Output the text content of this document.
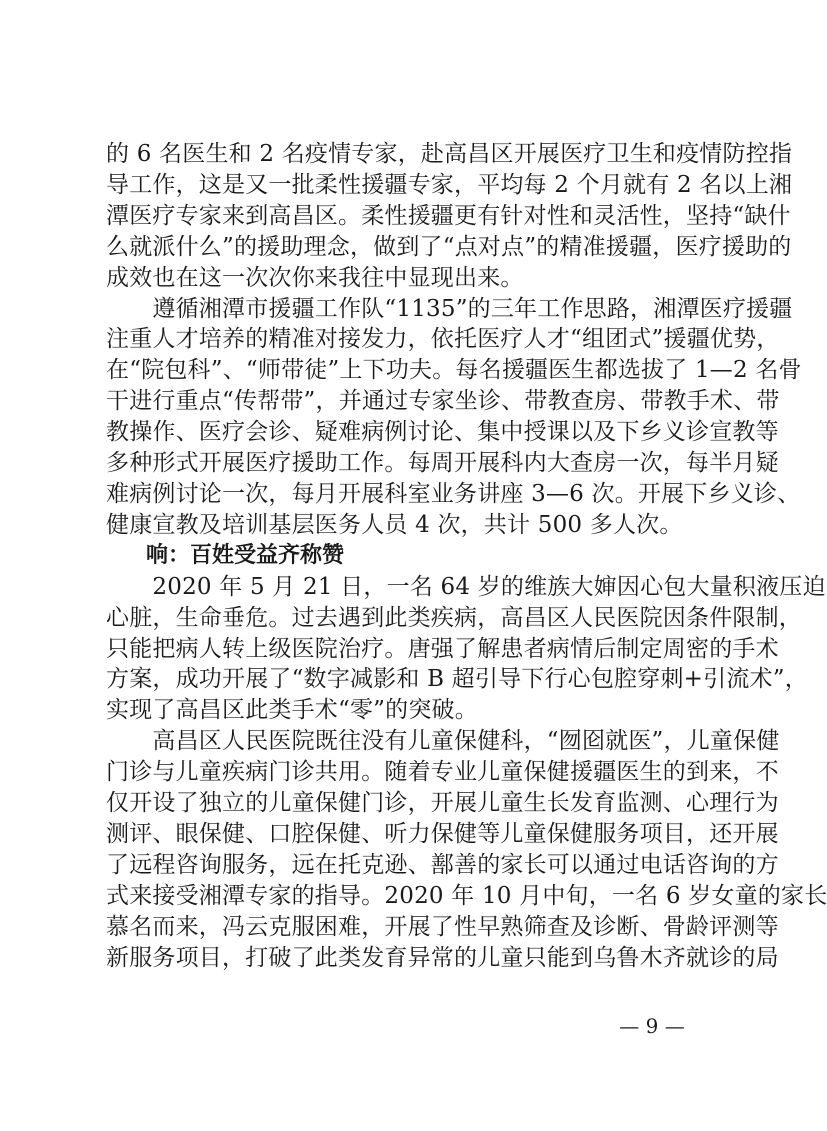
的 6 名医生和 2 名疫情专家，赴高昌区开展医疗卫生和疫情防控指

导工作，这是又一批柔性援疆专家，平均每 2 个月就有 2 名以上湘

潭医疗专家来到高昌区。柔性援疆更有针对性和灵活性，坚持“缺什

么就派什么”的援助理念，做到了“点对点”的精准援疆，医疗援助的

成效也在这一次次你来我往中显现出来。

　　遵循湘潭市援疆工作队“1135”的三年工作思路，湘潭医疗援疆

注重人才培养的精准对接发力，依托医疗人才“组团式”援疆优势，

在“院包科”、“师带徒”上下功夫。每名援疆医生都选拔了 1—2 名骨

干进行重点“传帮带”，并通过专家坐诊、带教查房、带教手术、带

教操作、医疗会诊、疑难病例讨论、集中授课以及下乡义诊宣教等

多种形式开展医疗援助工作。每周开展科内大查房一次，每半月疑

难病例讨论一次，每月开展科室业务讲座 3—6 次。开展下乡义诊、

健康宣教及培训基层医务人员 4 次，共计 500 多人次。

响：百姓受益齐称赞

　　2020 年 5 月 21 日，一名 64 岁的维族大婶因心包大量积液压迫

心脏，生命垂危。过去遇到此类疾病，高昌区人民医院因条件限制，

只能把病人转上级医院治疗。唐强了解患者病情后制定周密的手术

方案，成功开展了“数字减影和 B 超引导下行心包腔穿刺+引流术”，

实现了高昌区此类手术“零”的突破。

　　高昌区人民医院既往没有儿童保健科，“囫囵就医”，儿童保健

门诊与儿童疾病门诊共用。随着专业儿童保健援疆医生的到来，不

仅开设了独立的儿童保健门诊，开展儿童生长发育监测、心理行为

测评、眼保健、口腔保健、听力保健等儿童保健服务项目，还开展

了远程咨询服务，远在托克逊、鄯善的家长可以通过电话咨询的方

式来接受湘潭专家的指导。2020 年 10 月中旬，一名 6 岁女童的家长

慕名而来，冯云克服困难，开展了性早熟筛查及诊断、骨龄评测等

新服务项目，打破了此类发育异常的儿童只能到乌鲁木齐就诊的局

— 9 —
